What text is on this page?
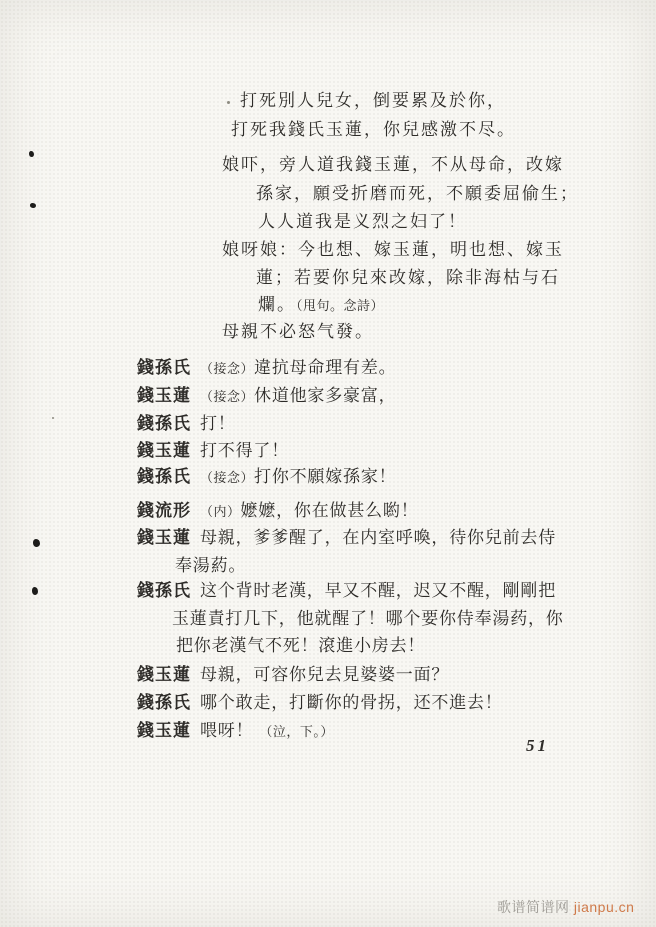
打死別人兒女，倒要累及於你，
打死我錢氏玉蓮，你兒感激不尽。
娘吓，旁人道我錢玉蓮，不从母命，改嫁
孫家，願受折磨而死，不願委屈偷生；
人人道我是义烈之妇了！
娘呀娘：今也想、嫁玉蓮，明也想、嫁玉
蓮；若要你兒來改嫁，除非海枯与石
爛。（甩句。念詩）
母親不必怒气發。
錢孫氏 （接念）違抗母命理有差。
錢玉蓮 （接念）休道他家多豪富，
錢孫氏 打！
錢玉蓮 打不得了！
錢孫氏 （接念）打你不願嫁孫家！
錢流形 （内）嬷嬷，你在做甚么喲！
錢玉蓮 母親，爹爹醒了，在内室呼喚，待你兒前去侍
奉湯葯。
錢孫氏 这个背时老漢，早又不醒，迟又不醒，剛剛把
玉蓮責打几下，他就醒了！哪个要你侍奉湯药，你
把你老漢气不死！滾進小房去！
錢玉蓮 母親，可容你兒去見婆婆一面？
錢孫氏 哪个敢走，打斷你的骨拐，还不進去！
錢玉蓮 喂呀！ （泣，下。）
51
歌谱简谱网 jianpu.cn
